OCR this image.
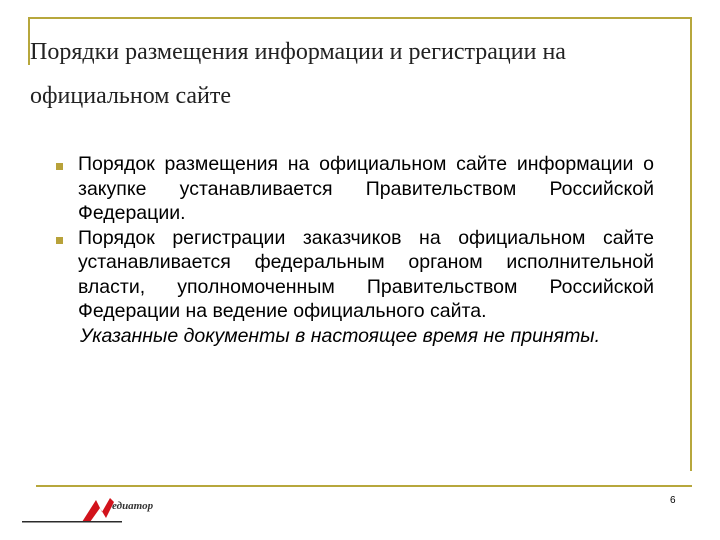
Порядки размещения информации и регистрации на официальном сайте
Порядок размещения на официальном сайте информации о закупке устанавливается Правительством Российской Федерации.
Порядок регистрации заказчиков на официальном сайте устанавливается федеральным органом исполнительной власти, уполномоченным Правительством Российской Федерации на ведение официального сайта.
Указанные документы в настоящее время не приняты.
едиатор	6
